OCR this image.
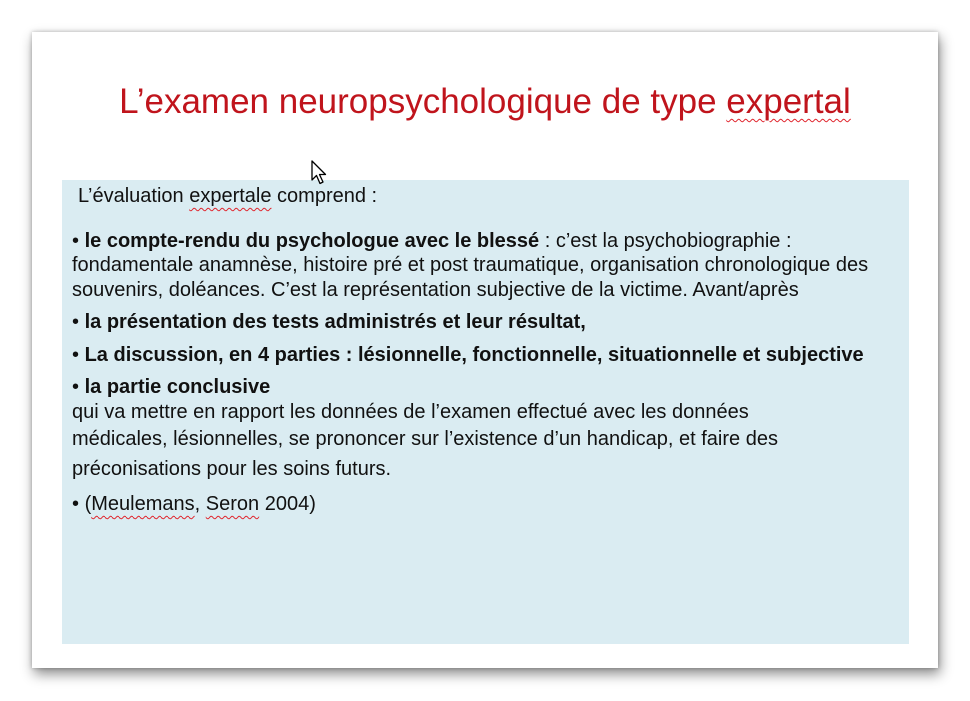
L’examen neuropsychologique de type expertal
L’évaluation expertale comprend :
• le compte-rendu du psychologue avec le blessé : c’est la psychobiographie : fondamentale anamnèse, histoire pré et post traumatique, organisation chronologique des souvenirs, doléances. C’est la représentation subjective de la victime. Avant/après
• la présentation des tests administrés et leur résultat,
• La discussion, en 4 parties : lésionnelle, fonctionnelle, situationnelle et subjective
• la partie conclusive
qui va mettre en rapport les données de l’examen effectué avec les données
médicales, lésionnelles, se prononcer sur l’existence d’un handicap, et faire des préconisations pour les soins futurs.
• (Meulemans, Seron 2004)
